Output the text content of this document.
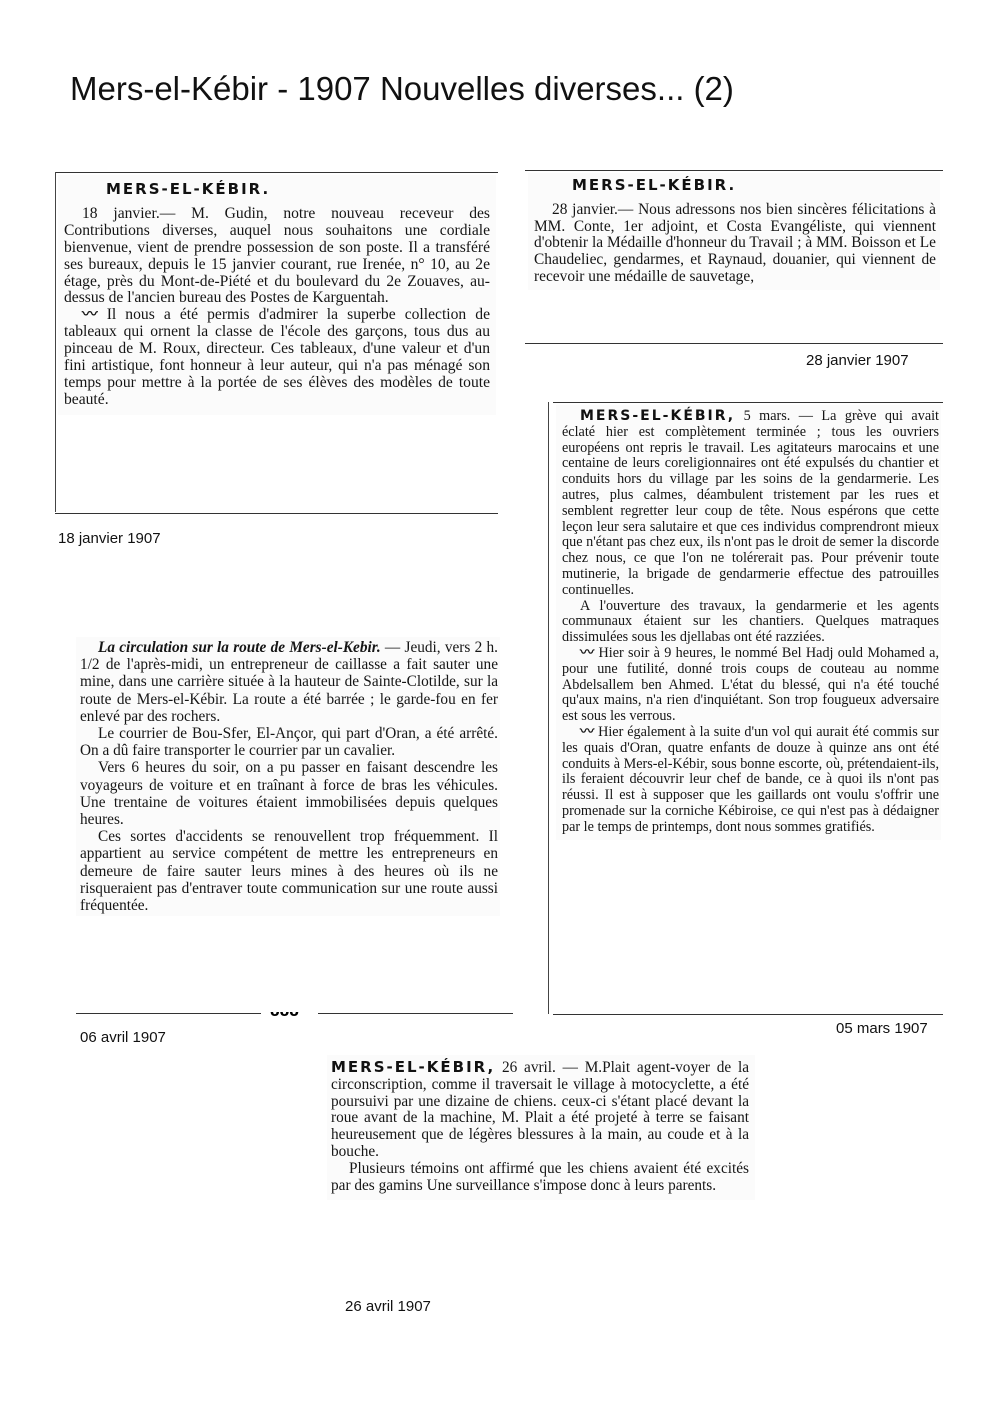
Mers-el-Kébir - 1907 Nouvelles diverses... (2)
MERS-EL-KÉBIR.

18 janvier.— M. Gudin, notre nouveau receveur des Contributions diverses, auquel nous souhaitons une cordiale bienvenue, vient de prendre possession de son poste. Il a transféré ses bureaux, depuis le 15 janvier courant, rue Irenée, n° 10, au 2e étage, près du Mont-de-Piété et du boulevard du 2e Zouaves, au-dessus de l'ancien bureau des Postes de Karguentah.

〰 Il nous a été permis d'admirer la superbe collection de tableaux qui ornent la classe de l'école des garçons, tous dus au pinceau de M. Roux, directeur. Ces tableaux, d'une valeur et d'un fini artistique, font honneur à leur auteur, qui n'a pas ménagé son temps pour mettre à la portée de ses élèves des modèles de toute beauté.

18 janvier 1907
MERS-EL-KÉBIR.

28 janvier.— Nous adressons nos bien sincères félicitations à MM. Conte, 1er adjoint, et Costa Evangéliste, qui viennent d'obtenir la Médaille d'honneur du Travail ; à MM. Boisson et Le Chaudeliec, gendarmes, et Raynaud, douanier, qui viennent de recevoir une médaille de sauvetage,

28 janvier 1907

MERS-EL-KÉBIR, 5 mars. — La grève qui avait éclaté hier est complètement terminée ; tous les ouvriers européens ont repris le travail. Les agitateurs marocains et une centaine de leurs coreligionnaires ont été expulsés du chantier et conduits hors du village par les soins de la gendarmerie. Les autres, plus calmes, déambulent tristement par les rues et semblent regretter leur coup de tête. Nous espérons que cette leçon leur sera salutaire et que ces individus comprendront mieux que n'étant pas chez eux, ils n'ont pas le droit de semer la discorde chez nous, ce que l'on ne tolérerait pas. Pour prévenir toute mutinerie, la brigade de gendarmerie effectue des patrouilles continuelles.

A l'ouverture des travaux, la gendarmerie et les agents communaux étaient sur les chantiers. Quelques matraques dissimulées sous les djellabas ont été razziées.

〰 Hier soir à 9 heures, le nommé Bel Hadj ould Mohamed a, pour une futilité, donné trois coups de couteau au nomme Abdelsallem ben Ahmed. L'état du blessé, qui n'a été touché qu'aux mains, n'a rien d'inquiétant. Son trop fougueux adversaire est sous les verrous.

〰 Hier également à la suite d'un vol qui aurait été commis sur les quais d'Oran, quatre enfants de douze à quinze ans ont été conduits à Mers-el-Kébir, sous bonne escorte, où, prétendaient-ils, ils feraient découvrir leur chef de bande, ce à quoi ils n'ont pas réussi. Il est à supposer que les gaillards ont voulu s'offrir une promenade sur la corniche Kébiroise, ce qui n'est pas à dédaigner par le temps de printemps, dont nous sommes gratifiés.

05 mars 1907

La circulation sur la route de Mers-el-Kebir. — Jeudi, vers 2 h. 1/2 de l'après-midi, un entrepreneur de caillasse a fait sauter une mine, dans une carrière située à la hauteur de Sainte-Clotilde, sur la route de Mers-el-Kébir. La route a été barrée ; le garde-fou en fer enlevé par des rochers.

Le courrier de Bou-Sfer, El-Ançor, qui part d'Oran, a été arrêté. On a dû faire transporter le courrier par un cavalier.

Vers 6 heures du soir, on a pu passer en faisant descendre les voyageurs de voiture et en traînant à force de bras les véhicules. Une trentaine de voitures étaient immobilisées depuis quelques heures.

Ces sortes d'accidents se renouvellent trop fréquemment. Il appartient au service compétent de mettre les entrepreneurs en demeure de faire sauter leurs mines à des heures où ils ne risqueraient pas d'entraver toute communication sur une route aussi fréquentée.

ᴗᴗᴗ
06 avril 1907

MERS-EL-KÉBIR, 26 avril. — M.Plait agent-voyer de la circonscription, comme il traversait le village à motocyclette, a été poursuivi par une dizaine de chiens. ceux-ci s'étant placé devant la roue avant de la machine, M. Plait a été projeté à terre se faisant heureusement que de légères blessures à la main, au coude et à la bouche.

Plusieurs témoins ont affirmé que les chiens avaient été excités par des gamins Une surveillance s'impose donc à leurs parents.

26 avril 1907
